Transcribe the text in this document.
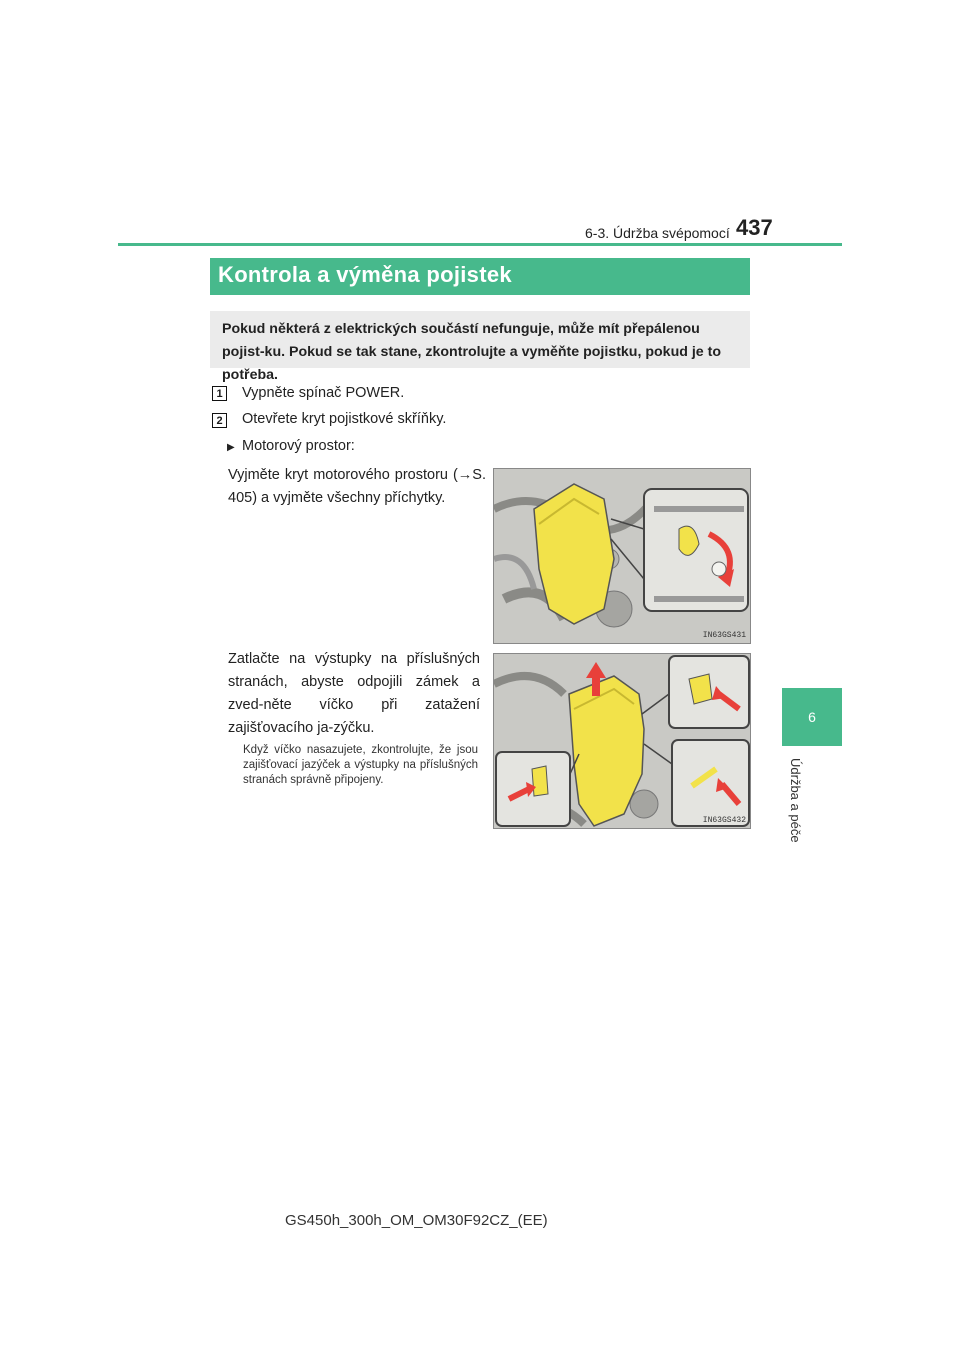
6-3. Údržba svépomocí 437
6
Údržba a péče
Kontrola a výměna pojistek
Pokud některá z elektrických součástí nefunguje, může mít přepálenou pojist-ku. Pokud se tak stane, zkontrolujte a vyměňte pojistku, pokud je to potřeba.
1	Vypněte spínač POWER.
2	Otevřete kryt pojistkové skříňky.
▶ Motorový prostor:
Vyjměte kryt motorového prostoru (→S. 405) a vyjměte všechny příchytky.
IN63GS431
Zatlačte na výstupky na příslušných stranách, abyste odpojili zámek a zved-něte víčko při zatažení zajišťovacího ja-zýčku.
Když víčko nasazujete, zkontrolujte, že jsou zajišťovací jazýček a výstupky na příslušných stranách správně připojeny.
IN63GS432
GS450h_300h_OM_OM30F92CZ_(EE)
